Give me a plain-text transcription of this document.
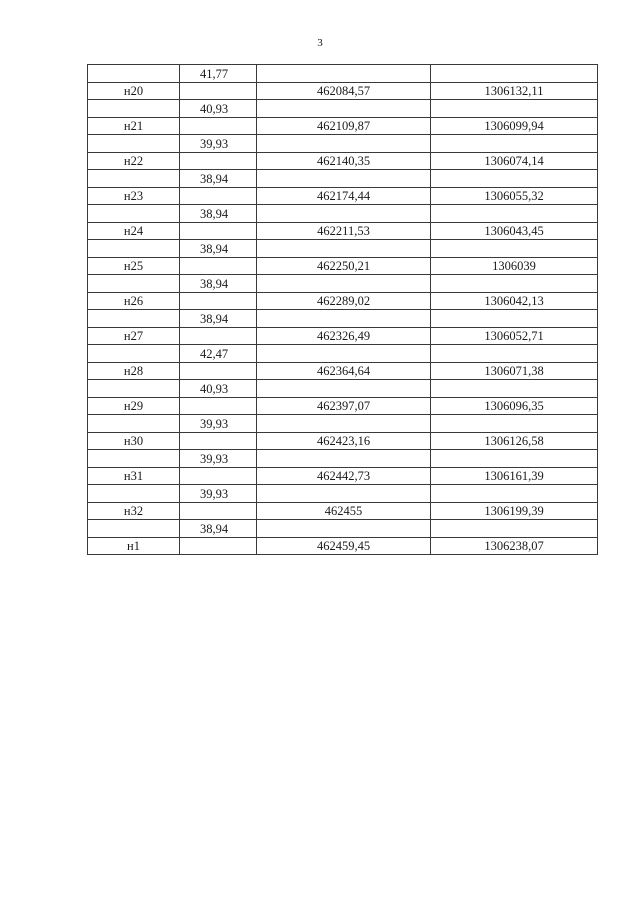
3
	41,77		
н20		462084,57	1306132,11
	40,93		
н21		462109,87	1306099,94
	39,93		
н22		462140,35	1306074,14
	38,94		
н23		462174,44	1306055,32
	38,94		
н24		462211,53	1306043,45
	38,94		
н25		462250,21	1306039
	38,94		
н26		462289,02	1306042,13
	38,94		
н27		462326,49	1306052,71
	42,47		
н28		462364,64	1306071,38
	40,93		
н29		462397,07	1306096,35
	39,93		
н30		462423,16	1306126,58
	39,93		
н31		462442,73	1306161,39
	39,93		
н32		462455	1306199,39
	38,94		
н1		462459,45	1306238,07
